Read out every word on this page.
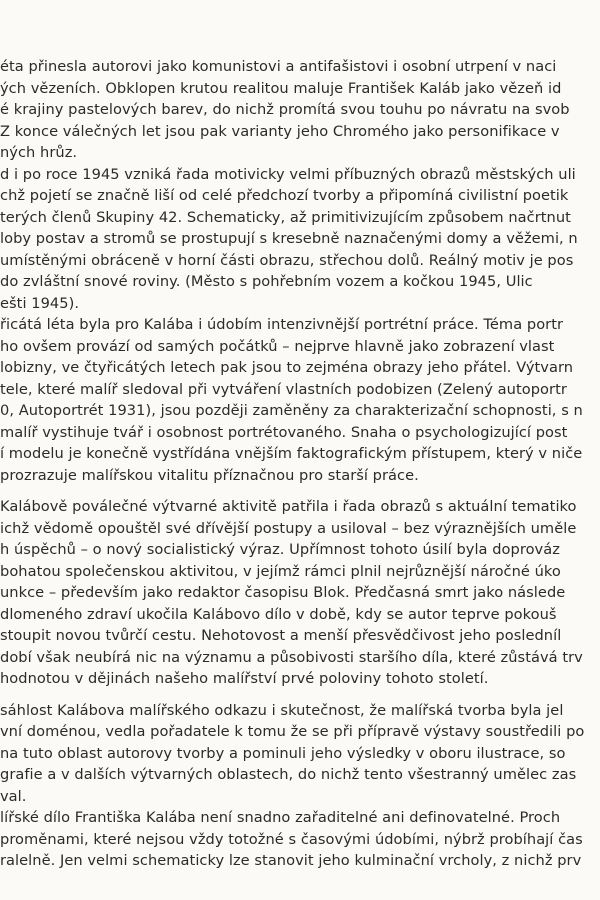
éta přinesla autorovi jako komunistovi a antifašistovi i osobní utrpení v naci
ých vězeních. Obklopen krutou realitou maluje František Kaláb jako vězeň id
é krajiny pastelových barev, do nichž promítá svou touhu po návratu na svob
Z konce válečných let jsou pak varianty jeho Chromého jako personifikace v
ných hrůz.
d i po roce 1945 vzniká řada motivicky velmi příbuzných obrazů městských uli
chž pojetí se značně liší od celé předchozí tvorby a připomíná civilistní poetik
terých členů Skupiny 42. Schematicky, až primitivizujícím způsobem načrtnut
loby postav a stromů se prostupují s kresebně naznačenými domy a věžemi, n
umístěnými obráceně v horní části obrazu, střechou dolů. Reálný motiv je pos
do zvláštní snové roviny. (Město s pohřebním vozem a kočkou 1945, Ulic
ešti 1945).
řicátá léta byla pro Kalába i údobím intenzivnější portrétní práce. Téma portr
ho ovšem provází od samých počátků – nejprve hlavně jako zobrazení vlast
lobizny, ve čtyřicátých letech pak jsou to zejména obrazy jeho přátel. Výtvarn
tele, které malíř sledoval při vytváření vlastních podobizen (Zelený autoportr
0, Autoportrét 1931), jsou později zaměněny za charakterizační schopnosti, s n
malíř vystihuje tvář i osobnost portrétovaného. Snaha o psychologizující post
í modelu je konečně vystřídána vnějším faktografickým přístupem, který v niče
prozrazuje malířskou vitalitu příznačnou pro starší práce.
Kalábově poválečné výtvarné aktivitě patřila i řada obrazů s aktuální tematiko
ichž vědomě opouštěl své dřívější postupy a usiloval – bez výraznějších uměle
h úspěchů – o nový socialistický výraz. Upřímnost tohoto úsilí byla doprováz
bohatou společenskou aktivitou, v jejímž rámci plnil nejrůznější náročné úko
unkce – především jako redaktor časopisu Blok. Předčasná smrt jako následe
dlomeného zdraví ukočila Kalábovo dílo v době, kdy se autor teprve pokouš
stoupit novou tvůrčí cestu. Nehotovost a menší přesvědčivost jeho posledníl
dobí však neubírá nic na významu a působivosti staršího díla, které zůstává trv
hodnotou v dějinách našeho malířství prvé poloviny tohoto století.
sáhlost Kalábova malířského odkazu i skutečnost, že malířská tvorba byla jel
vní doménou, vedla pořadatele k tomu že se při přípravě výstavy soustředili po
na tuto oblast autorovy tvorby a pominuli jeho výsledky v oboru ilustrace, so
grafie a v dalších výtvarných oblastech, do nichž tento všestranný umělec zas
val.
lířské dílo Františka Kalába není snadno zařaditelné ani definovatelné. Proch
proměnami, které nejsou vždy totožné s časovými údobími, nýbrž probíhají čas
ralelně. Jen velmi schematicky lze stanovit jeho kulminační vrcholy, z nichž prv
